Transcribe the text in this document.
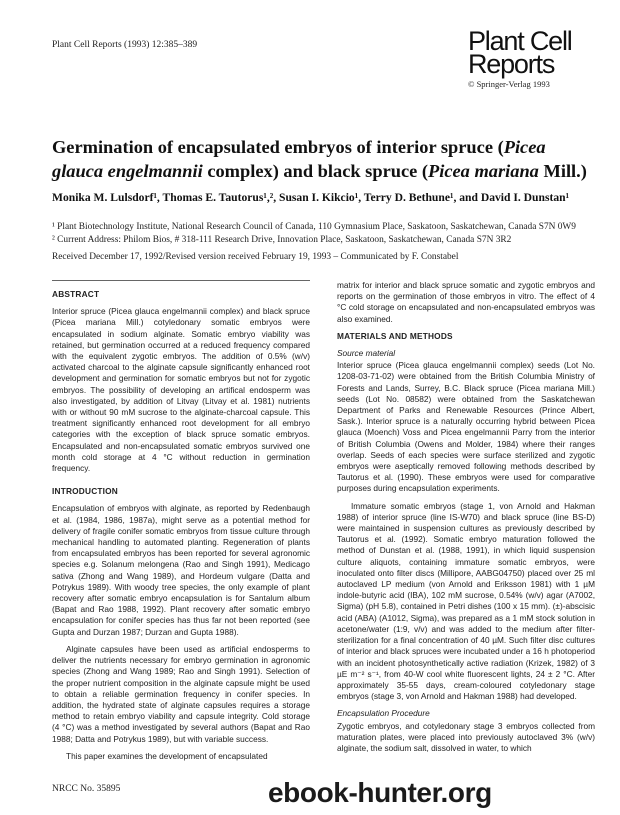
Plant Cell Reports (1993) 12:385–389	Plant Cell
Reports
© Springer-Verlag 1993
Germination of encapsulated embryos of interior spruce (Picea glauca engelmannii complex) and black spruce (Picea mariana Mill.)
Monika M. Lulsdorf¹, Thomas E. Tautorus¹,², Susan I. Kikcio¹, Terry D. Bethune¹, and David I. Dunstan¹
¹ Plant Biotechnology Institute, National Research Council of Canada, 110 Gymnasium Place, Saskatoon, Saskatchewan, Canada S7N 0W9
² Current Address: Philom Bios, # 318-111 Research Drive, Innovation Place, Saskatoon, Saskatchewan, Canada S7N 3R2
Received December 17, 1992/Revised version received February 19, 1993 – Communicated by F. Constabel
ABSTRACT

Interior spruce (Picea glauca engelmannii complex) and black spruce (Picea mariana Mill.) cotyledonary somatic embryos were encapsulated in sodium alginate. Somatic embryo viability was retained, but germination occurred at a reduced frequency compared with the equivalent zygotic embryos. The addition of 0.5% (w/v) activated charcoal to the alginate capsule significantly enhanced root development and germination for somatic embryos but not for zygotic embryos. The possibility of developing an artifical endosperm was also investigated, by addition of Litvay (Litvay et al. 1981) nutrients with or without 90 mM sucrose to the alginate-charcoal capsule. This treatment significantly enhanced root development for all embryo categories with the exception of black spruce somatic embryos. Encapsulated and non-encapsulated somatic embryos survived one month cold storage at 4 °C without reduction in germination frequency.

INTRODUCTION

Encapsulation of embryos with alginate, as reported by Redenbaugh et al. (1984, 1986, 1987a), might serve as a potential method for delivery of fragile conifer somatic embryos from tissue culture through mechanical handling to automated planting. Regeneration of plants from encapsulated embryos has been reported for several agronomic species e.g. Solanum melongena (Rao and Singh 1991), Medicago sativa (Zhong and Wang 1989), and Hordeum vulgare (Datta and Potrykus 1989). With woody tree species, the only example of plant recovery after somatic embryo encapsulation is for Santalum album (Bapat and Rao 1988, 1992). Plant recovery after somatic embryo encapsulation for conifer species has thus far not been reported (see Gupta and Durzan 1987; Durzan and Gupta 1988).

Alginate capsules have been used as artificial endosperms to deliver the nutrients necessary for embryo germination in agronomic species (Zhong and Wang 1989; Rao and Singh 1991). Selection of the proper nutrient composition in the alginate capsule might be used to obtain a reliable germination frequency in conifer species. In addition, the hydrated state of alginate capsules requires a storage method to retain embryo viability and capsule integrity. Cold storage (4 °C) was a method investigated by several authors (Bapat and Rao 1988; Datta and Potrykus 1989), but with variable success.

This paper examines the development of encapsulated

matrix for interior and black spruce somatic and zygotic embryos and reports on the germination of those embryos in vitro. The effect of 4 °C cold storage on encapsulated and non-encapsulated embryos was also examined.

MATERIALS AND METHODS
Source material

Interior spruce (Picea glauca engelmannii complex) seeds (Lot No. 1208-03-71-02) were obtained from the British Columbia Ministry of Forests and Lands, Surrey, B.C. Black spruce (Picea mariana Mill.) seeds (Lot No. 08582) were obtained from the Saskatchewan Department of Parks and Renewable Resources (Prince Albert, Sask.). Interior spruce is a naturally occurring hybrid between Picea glauca (Moench) Voss and Picea engelmannii Parry from the interior of British Columbia (Owens and Molder, 1984) where their ranges overlap. Seeds of each species were surface sterilized and zygotic embryos were aseptically removed following methods described by Tautorus et al. (1990). These embryos were used for comparative purposes during encapsulation experiments.

Immature somatic embryos (stage 1, von Arnold and Hakman 1988) of interior spruce (line IS-W70) and black spruce (line BS-D) were maintained in suspension cultures as previously described by Tautorus et al. (1992). Somatic embryo maturation followed the method of Dunstan et al. (1988, 1991), in which liquid suspension culture aliquots, containing immature somatic embryos, were inoculated onto filter discs (Millipore, AABG04750) placed over 25 ml autoclaved LP medium (von Arnold and Eriksson 1981) with 1 µM indole-butyric acid (IBA), 102 mM sucrose, 0.54% (w/v) agar (A7002, Sigma) (pH 5.8), contained in Petri dishes (100 x 15 mm). (±)-abscisic acid (ABA) (A1012, Sigma), was prepared as a 1 mM stock solution in acetone/water (1:9, v/v) and was added to the medium after filter-sterilization for a final concentration of 40 µM. Such filter disc cultures of interior and black spruces were incubated under a 16 h photoperiod with an incident photosynthetically active radiation (Krizek, 1982) of 3 µE m⁻² s⁻¹, from 40-W cool white fluorescent lights, 24 ± 2 °C. After approximately 35-55 days, cream-coloured cotyledonary stage embryos (stage 3, von Arnold and Hakman 1988) had developed.

Encapsulation Procedure

Zygotic embryos, and cotyledonary stage 3 embryos collected from maturation plates, were placed into previously autoclaved 3% (w/v) alginate, the sodium salt, dissolved in water, to which

NRCC No. 35895	ebook-hunter.org
